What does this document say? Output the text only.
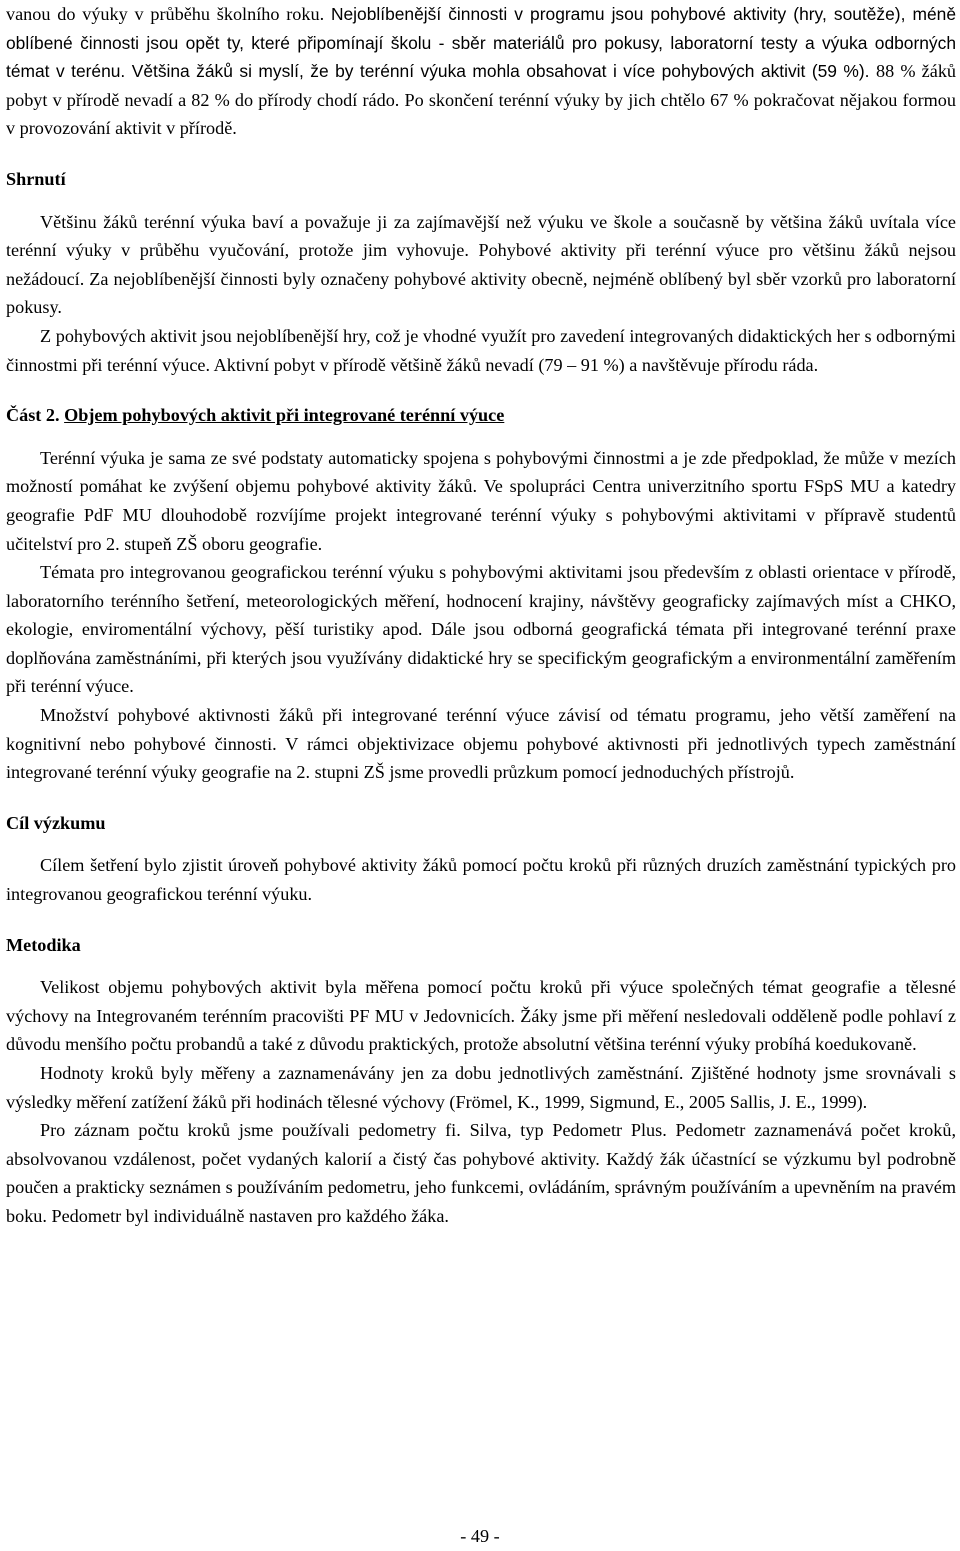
vanou do výuky v průběhu školního roku. Nejoblíbenější činnosti v programu jsou pohybové aktivity (hry, soutěže), méně oblíbené činnosti jsou opět ty, které připomínají školu - sběr materiálů pro pokusy, laboratorní testy a výuka odborných témat v terénu. Většina žáků si myslí, že by terénní výuka mohla obsahovat i více pohybových aktivit (59 %). 88 % žáků pobyt v přírodě nevadí a 82 % do přírody chodí rádo. Po skončení terénní výuky by jich chtělo 67 % pokračovat nějakou formou v provozování aktivit v přírodě.

Shrnutí

Většinu žáků terénní výuka baví a považuje ji za zajímavější než výuku ve škole a současně by většina žáků uvítala více terénní výuky v průběhu vyučování, protože jim vyhovuje. Pohybové aktivity při terénní výuce pro většinu žáků nejsou nežádoucí. Za nejoblíbenější činnosti byly označeny pohybové aktivity obecně, nejméně oblíbený byl sběr vzorků pro laboratorní pokusy.

Z pohybových aktivit jsou nejoblíbenější hry, což je vhodné využít pro zavedení integrovaných didaktických her s odbornými činnostmi při terénní výuce. Aktivní pobyt v přírodě většině žáků nevadí (79 – 91 %) a navštěvuje přírodu ráda.

Část 2. Objem pohybových aktivit při integrované terénní výuce

Terénní výuka je sama ze své podstaty automaticky spojena s pohybovými činnostmi a je zde předpoklad, že může v mezích možností pomáhat ke zvýšení objemu pohybové aktivity žáků. Ve spolupráci Centra univerzitního sportu FSpS MU a katedry geografie PdF MU dlouhodobě rozvíjíme projekt integrované terénní výuky s pohybovými aktivitami v přípravě studentů učitelství pro 2. stupeň ZŠ oboru geografie.

Témata pro integrovanou geografickou terénní výuku s pohybovými aktivitami jsou především z oblasti orientace v přírodě, laboratorního terénního šetření, meteorologických měření, hodnocení krajiny, návštěvy geograficky zajímavých míst a CHKO, ekologie, enviromentální výchovy, pěší turistiky apod. Dále jsou odborná geografická témata při integrované terénní praxe doplňována zaměstnáními, při kterých jsou využívány didaktické hry se specifickým geografickým a environmentální zaměřením při terénní výuce.

Množství pohybové aktivnosti žáků při integrované terénní výuce závisí od tématu programu, jeho větší zaměření na kognitivní nebo pohybové činnosti. V rámci objektivizace objemu pohybové aktivnosti při jednotlivých typech zaměstnání integrované terénní výuky geografie na 2. stupni ZŠ jsme provedli průzkum pomocí jednoduchých přístrojů.

Cíl výzkumu

Cílem šetření bylo zjistit úroveň pohybové aktivity žáků pomocí počtu kroků při různých druzích zaměstnání typických pro integrovanou geografickou terénní výuku.

Metodika

Velikost objemu pohybových aktivit byla měřena pomocí počtu kroků při výuce společných témat geografie a tělesné výchovy na Integrovaném terénním pracovišti PF MU v Jedovnicích. Žáky jsme při měření nesledovali odděleně podle pohlaví z důvodu menšího počtu probandů a také z důvodu praktických, protože absolutní většina terénní výuky probíhá koedukovaně.

Hodnoty kroků byly měřeny a zaznamenávány jen za dobu jednotlivých zaměstnání. Zjištěné hodnoty jsme srovnávali s výsledky měření zatížení žáků při hodinách tělesné výchovy (Frömel, K., 1999, Sigmund, E., 2005 Sallis, J. E., 1999).

Pro záznam počtu kroků jsme používali pedometry fi. Silva, typ Pedometr Plus. Pedometr zaznamenává počet kroků, absolvovanou vzdálenost, počet vydaných kalorií a čistý čas pohybové aktivity. Každý žák účastnící se výzkumu byl podrobně poučen a prakticky seznámen s používáním pedometru, jeho funkcemi, ovládáním, správným používáním a upevněním na pravém boku. Pedometr byl individuálně nastaven pro každého žáka.

- 49 -
